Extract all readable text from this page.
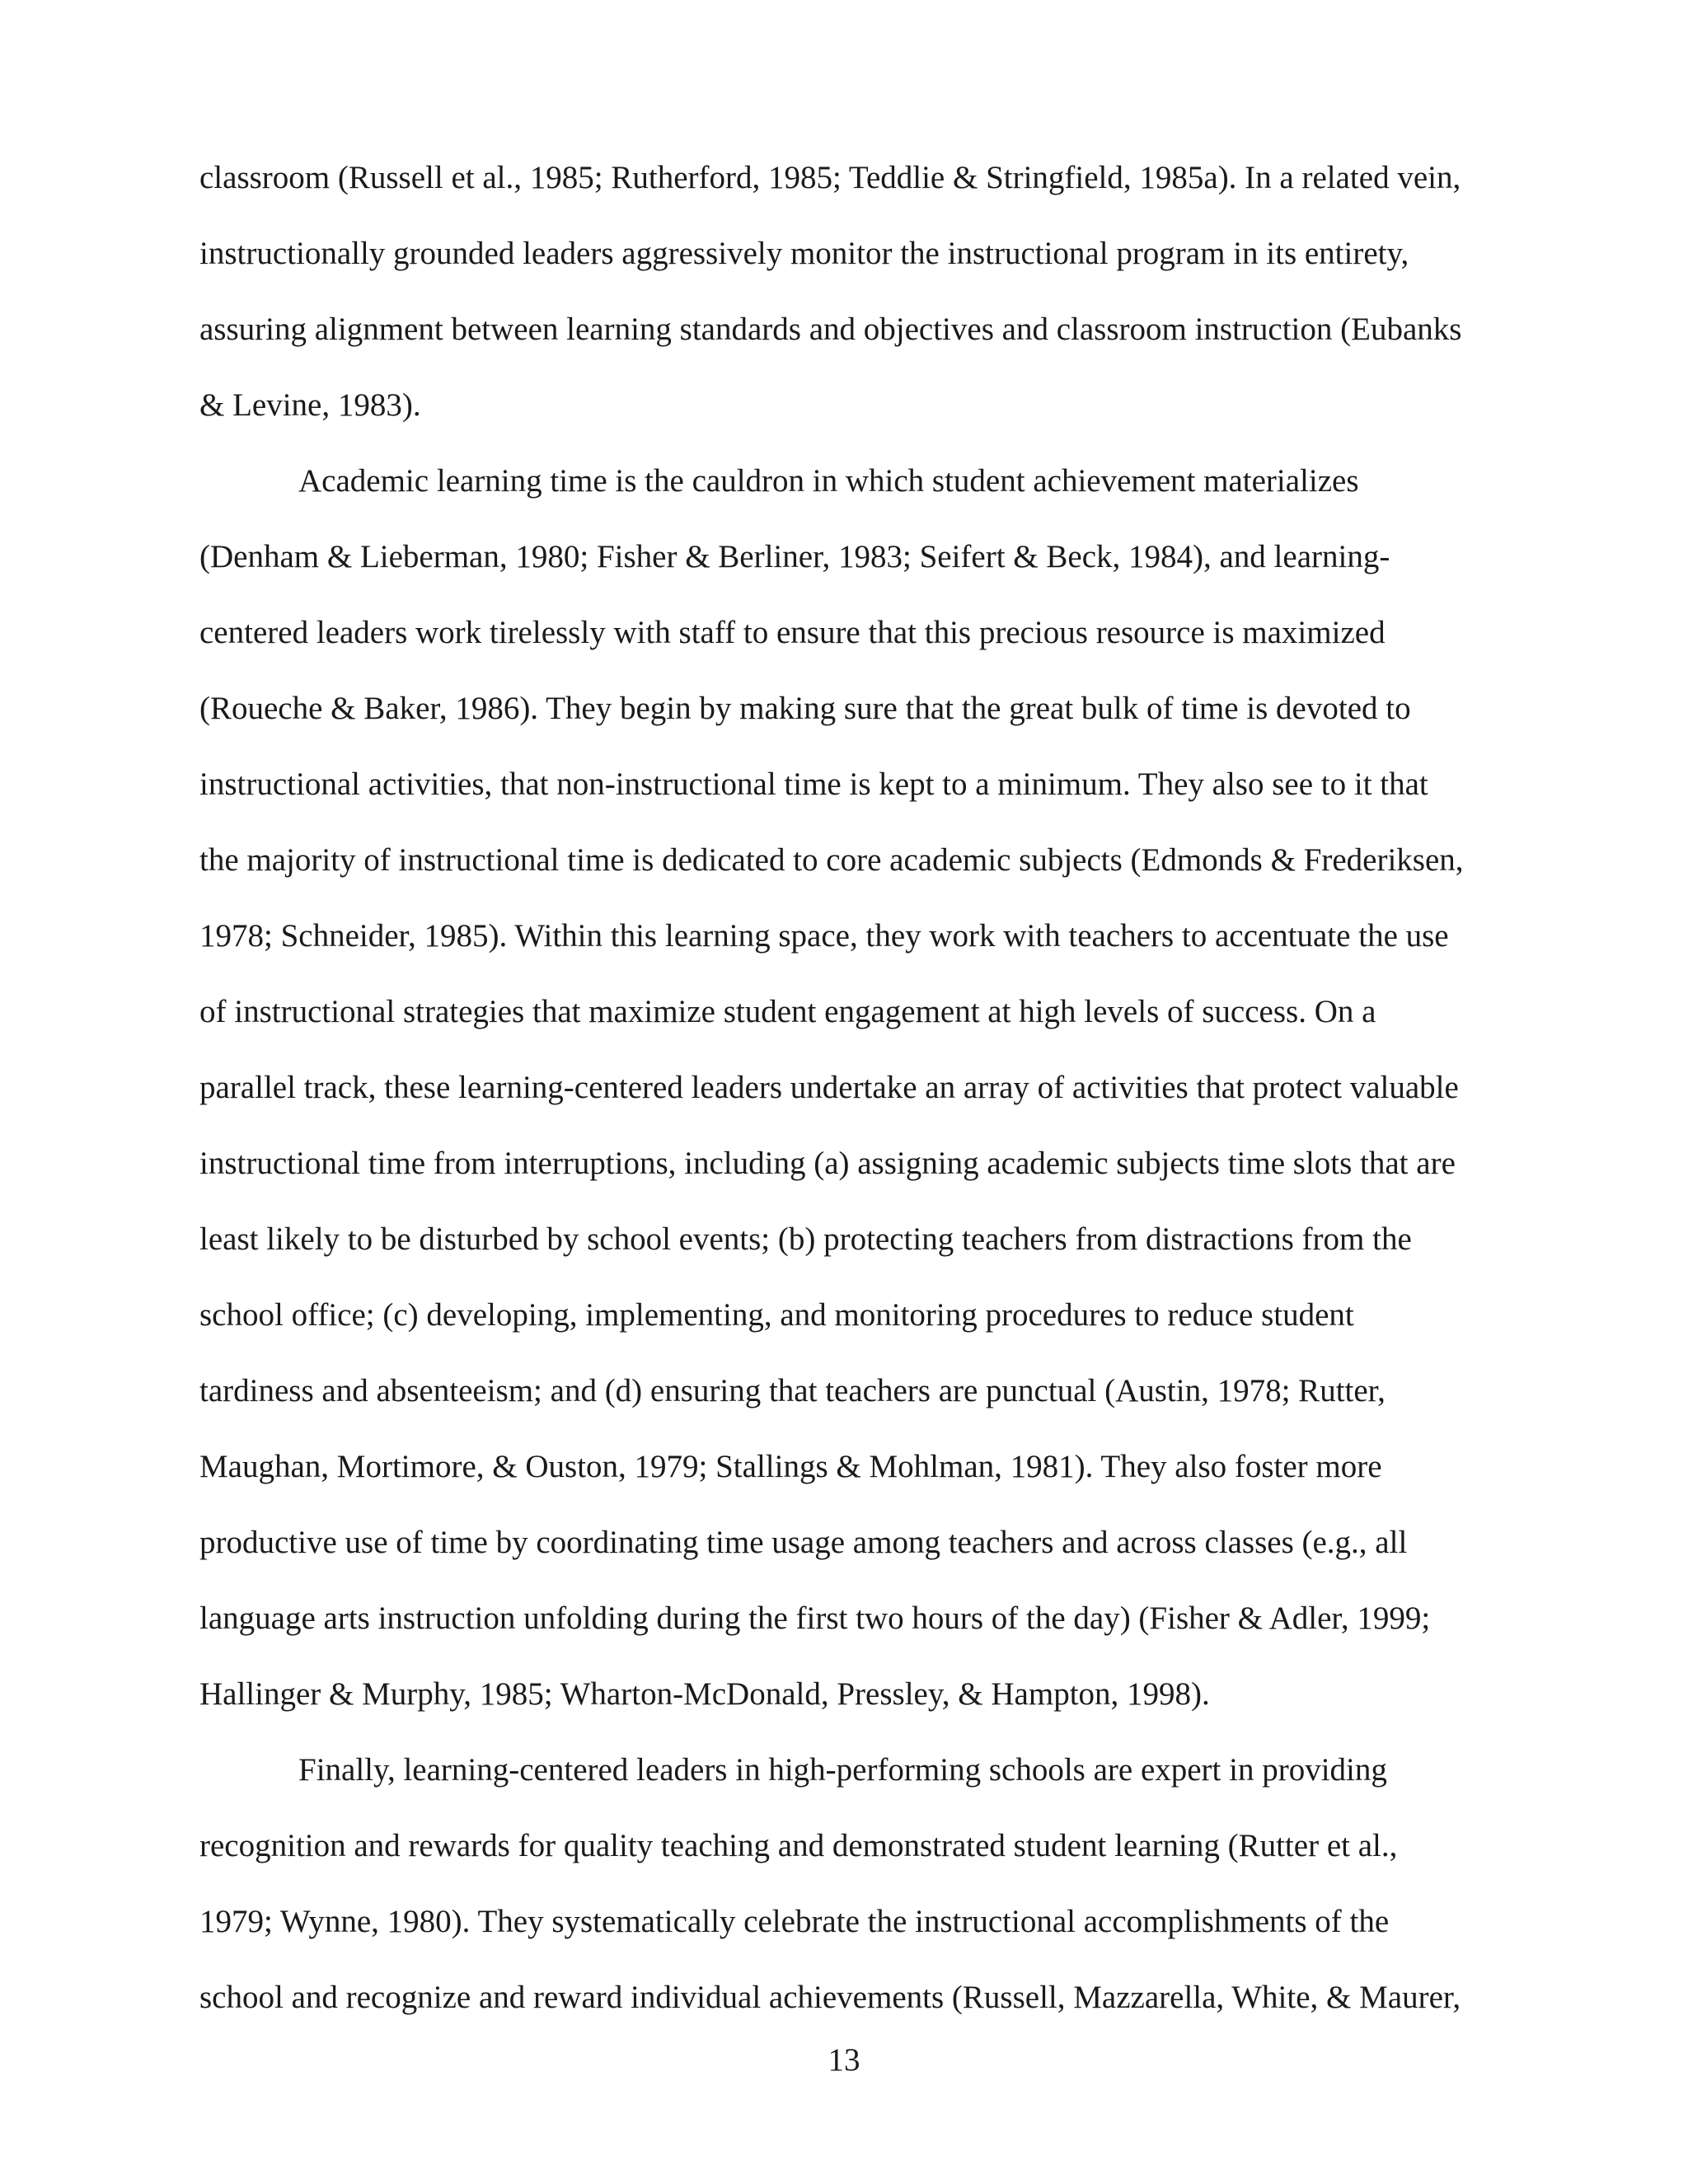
classroom (Russell et al., 1985; Rutherford, 1985; Teddlie & Stringfield, 1985a). In a related vein,

instructionally grounded leaders aggressively monitor the instructional program in its entirety,

assuring alignment between learning standards and objectives and classroom instruction (Eubanks

& Levine, 1983).

Academic learning time is the cauldron in which student achievement materializes

(Denham & Lieberman, 1980; Fisher & Berliner, 1983; Seifert & Beck, 1984), and learning-

centered leaders work tirelessly with staff to ensure that this precious resource is maximized

(Roueche & Baker, 1986). They begin by making sure that the great bulk of time is devoted to

instructional activities, that non-instructional time is kept to a minimum. They also see to it that

the majority of instructional time is dedicated to core academic subjects (Edmonds & Frederiksen,

1978; Schneider, 1985). Within this learning space, they work with teachers to accentuate the use

of instructional strategies that maximize student engagement at high levels of success. On a

parallel track, these learning-centered leaders undertake an array of activities that protect valuable

instructional time from interruptions, including (a) assigning academic subjects time slots that are

least likely to be disturbed by school events; (b) protecting teachers from distractions from the

school office; (c) developing, implementing, and monitoring procedures to reduce student

tardiness and absenteeism; and (d) ensuring that teachers are punctual (Austin, 1978; Rutter,

Maughan, Mortimore, & Ouston, 1979; Stallings & Mohlman, 1981). They also foster more

productive use of time by coordinating time usage among teachers and across classes (e.g., all

language arts instruction unfolding during the first two hours of the day) (Fisher & Adler, 1999;

Hallinger & Murphy, 1985; Wharton-McDonald, Pressley, & Hampton, 1998).

Finally, learning-centered leaders in high-performing schools are expert in providing

recognition and rewards for quality teaching and demonstrated student learning (Rutter et al.,

1979; Wynne, 1980). They systematically celebrate the instructional accomplishments of the

school and recognize and reward individual achievements (Russell, Mazzarella, White, & Maurer,

13
